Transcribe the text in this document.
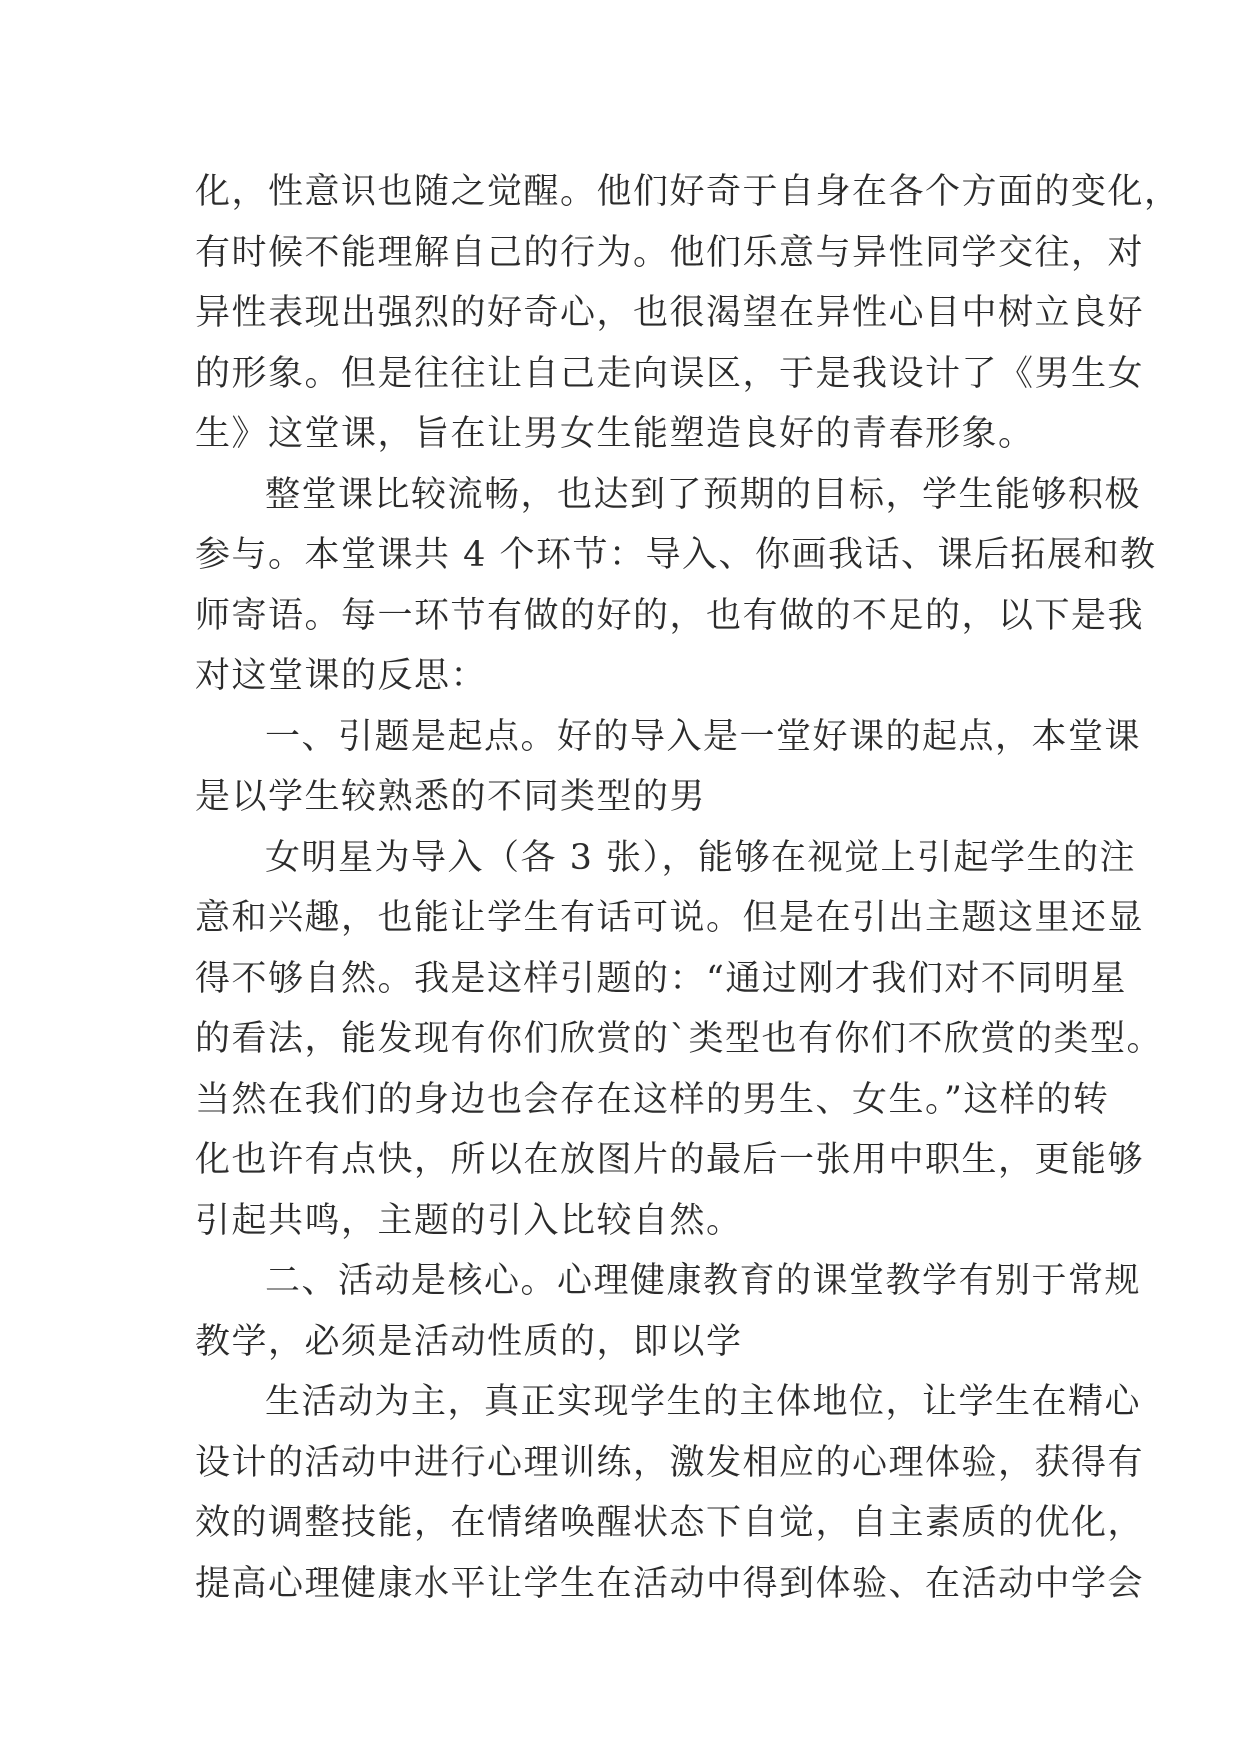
化，性意识也随之觉醒。他们好奇于自身在各个方面的变化，
有时候不能理解自己的行为。他们乐意与异性同学交往，对
异性表现出强烈的好奇心，也很渴望在异性心目中树立良好
的形象。但是往往让自己走向误区，于是我设计了《男生女
生》这堂课，旨在让男女生能塑造良好的青春形象。
整堂课比较流畅，也达到了预期的目标，学生能够积极
参与。本堂课共 4 个环节：导入、你画我话、课后拓展和教
师寄语。每一环节有做的好的，也有做的不足的，以下是我
对这堂课的反思：
一、引题是起点。好的导入是一堂好课的起点，本堂课
是以学生较熟悉的不同类型的男
女明星为导入（各 3 张），能够在视觉上引起学生的注
意和兴趣，也能让学生有话可说。但是在引出主题这里还显
得不够自然。我是这样引题的：“通过刚才我们对不同明星
的看法，能发现有你们欣赏的`类型也有你们不欣赏的类型。
当然在我们的身边也会存在这样的男生、女生。”这样的转
化也许有点快，所以在放图片的最后一张用中职生，更能够
引起共鸣，主题的引入比较自然。
二、活动是核心。心理健康教育的课堂教学有别于常规
教学，必须是活动性质的，即以学
生活动为主，真正实现学生的主体地位，让学生在精心
设计的活动中进行心理训练，激发相应的心理体验，获得有
效的调整技能，在情绪唤醒状态下自觉，自主素质的优化，
提高心理健康水平让学生在活动中得到体验、在活动中学会
